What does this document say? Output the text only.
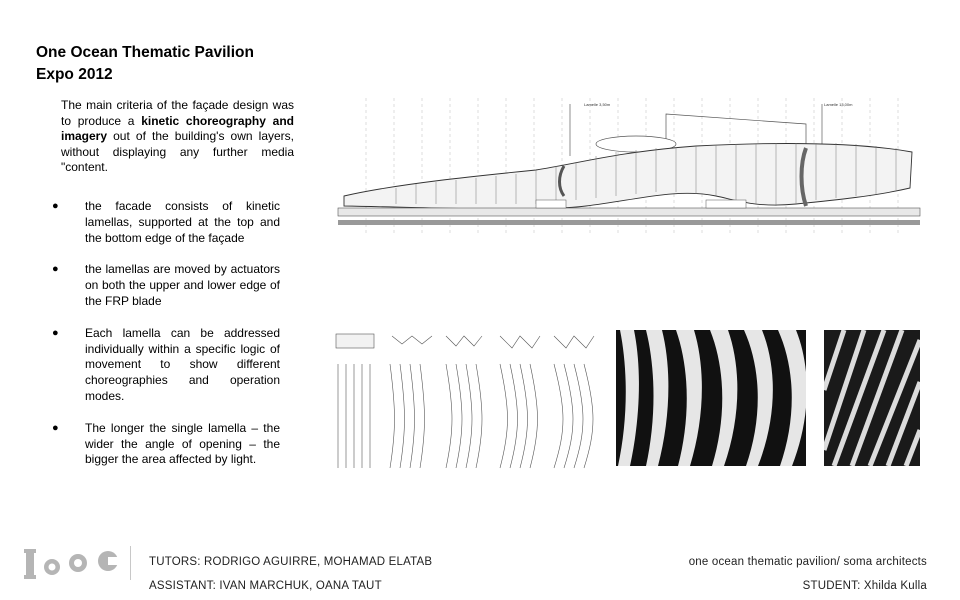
One Ocean Thematic Pavilion
Expo 2012
The main criteria of the façade design was to produce a kinetic choreography and imagery out of the building's own layers, without displaying any further media "content.
● the facade consists of kinetic lamellas, supported at the top and the bottom edge of the façade
● the lamellas are moved by actuators on both the upper and lower edge of the FRP blade
● Each lamella can be addressed individually within a specific logic of movement to show different choreographies and operation modes.
● The longer the single lamella – the wider the angle of opening – the bigger the area affected by light.
Lamelle 3,50m	Lamelle 13,00m
TUTORS: RODRIGO AGUIRRE, MOHAMAD ELATAB
ASSISTANT: IVAN MARCHUK, OANA TAUT
one ocean thematic pavilion/ soma architects
STUDENT: Xhilda Kulla
